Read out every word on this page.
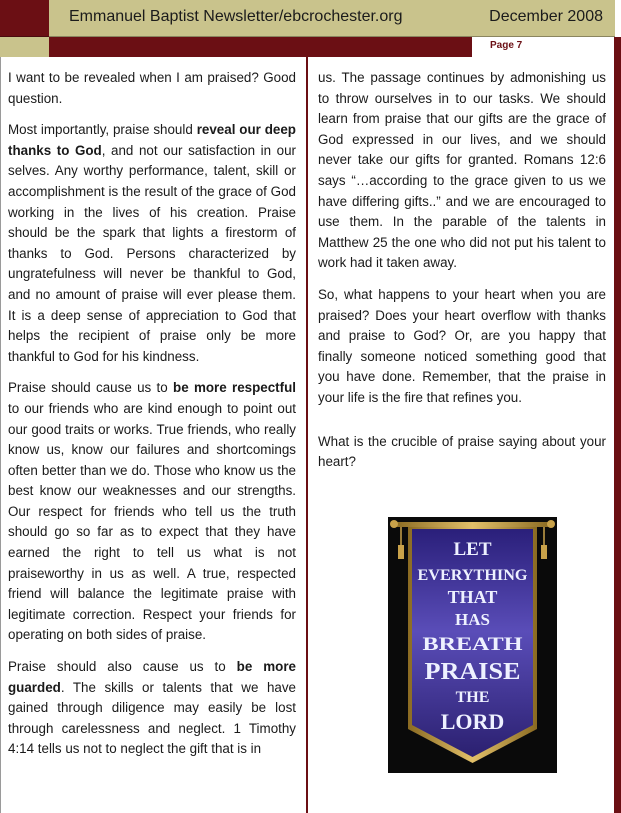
Emmanuel Baptist Newsletter/ebcrochester.org	December 2008
Page 7

I want to be revealed when I am praised? Good question.

Most importantly, praise should reveal our deep thanks to God, and not our satisfaction in our selves. Any worthy performance, talent, skill or accomplishment is the result of the grace of God working in the lives of his creation. Praise should be the spark that lights a firestorm of thanks to God. Persons characterized by ungratefulness will never be thankful to God, and no amount of praise will ever please them. It is a deep sense of appreciation to God that helps the recipient of praise only be more thankful to God for his kindness.

Praise should cause us to be more respectful to our friends who are kind enough to point out our good traits or works. True friends, who really know us, know our failures and shortcomings often better than we do. Those who know us the best know our weaknesses and our strengths. Our respect for friends who tell us the truth should go so far as to expect that they have earned the right to tell us what is not praiseworthy in us as well. A true, respected friend will balance the legitimate praise with legitimate correction. Respect your friends for operating on both sides of praise.

Praise should also cause us to be more guarded. The skills or talents that we have gained through diligence may easily be lost through carelessness and neglect. 1 Timothy 4:14 tells us not to neglect the gift that is in

us. The passage continues by admonishing us to throw ourselves in to our tasks. We should learn from praise that our gifts are the grace of God expressed in our lives, and we should never take our gifts for granted. Romans 12:6 says “…according to the grace given to us we have differing gifts..” and we are encouraged to use them. In the parable of the talents in Matthew 25 the one who did not put his talent to work had it taken away.

So, what happens to your heart when you are praised? Does your heart overflow with thanks and praise to God? Or, are you happy that finally someone noticed something good that you have done. Remember, that the praise in your life is the fire that refines you.

What is the crucible of praise saying about your heart?

LET
EVERYTHING
THAT
HAS
BREATH
PRAISE
THE
LORD
